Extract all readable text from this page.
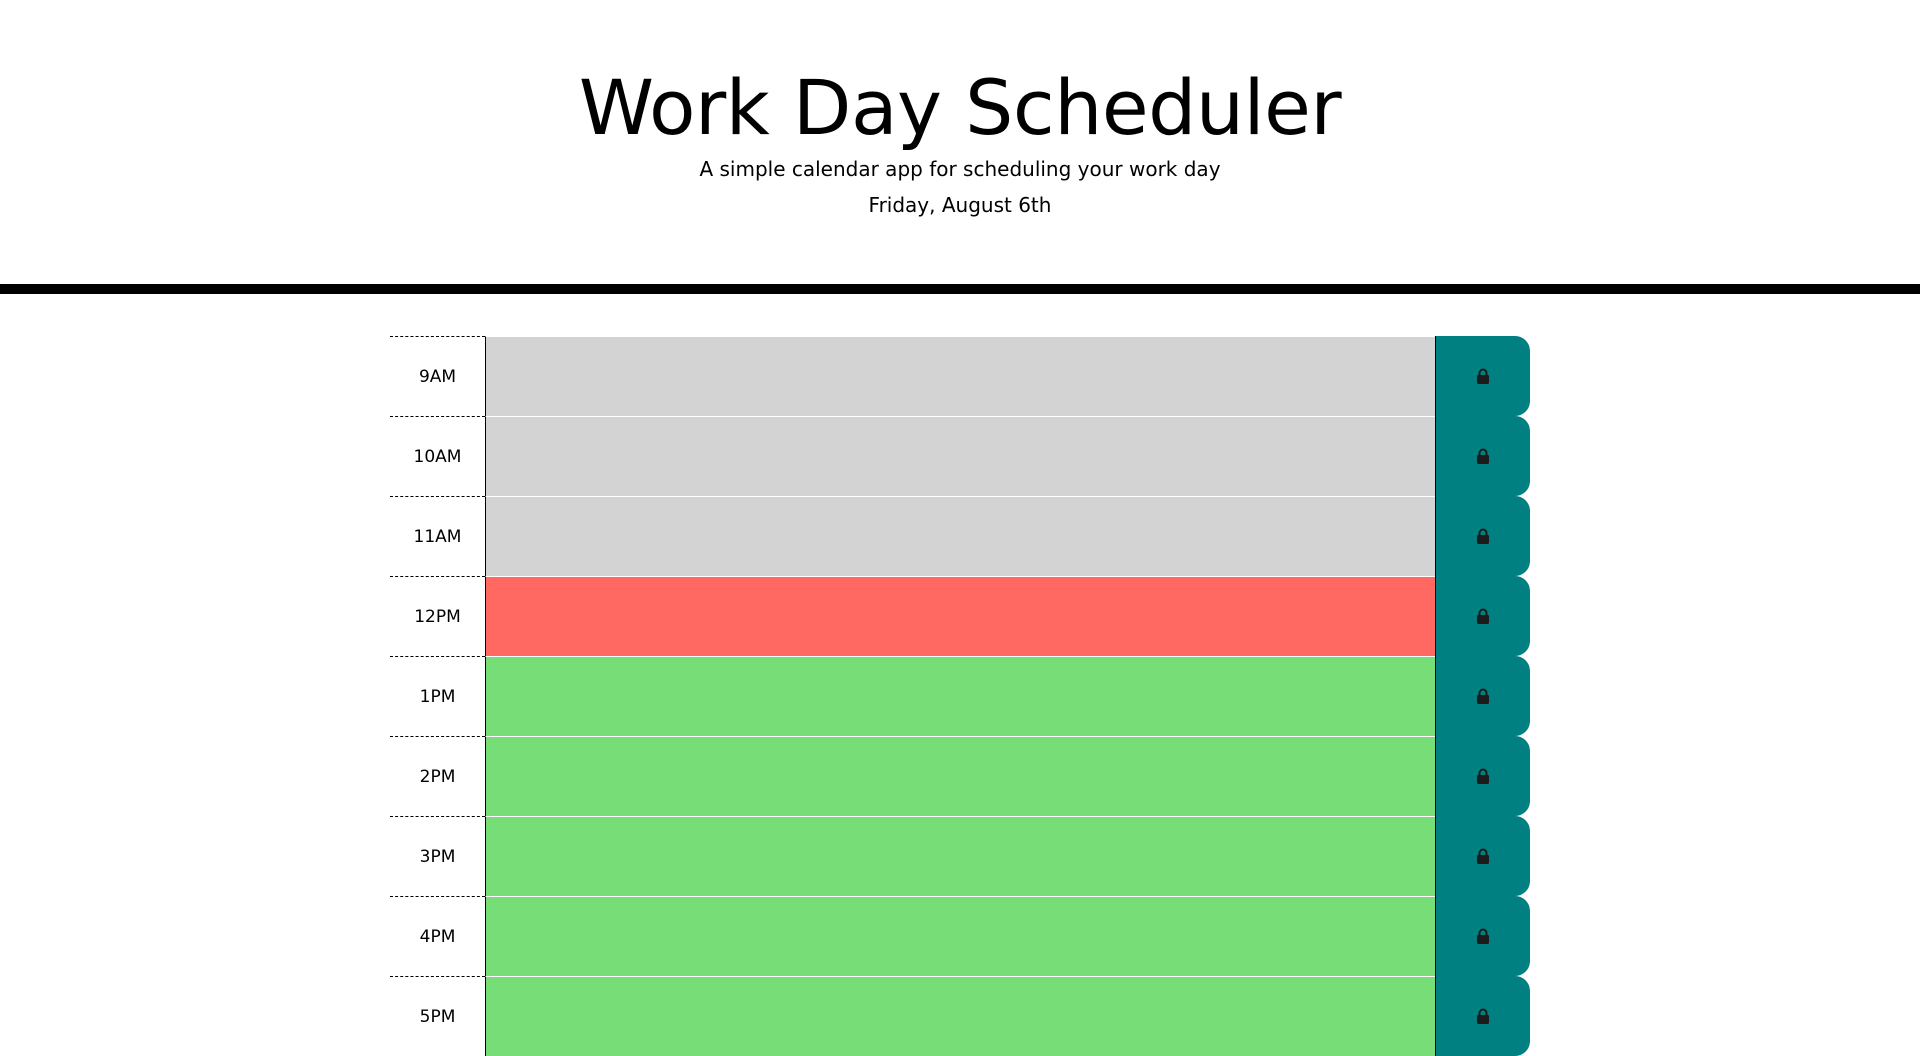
Work Day Scheduler

A simple calendar app for scheduling your work day

Friday, August 6th

9AM
10AM
11AM
12PM
1PM
2PM
3PM
4PM
5PM
